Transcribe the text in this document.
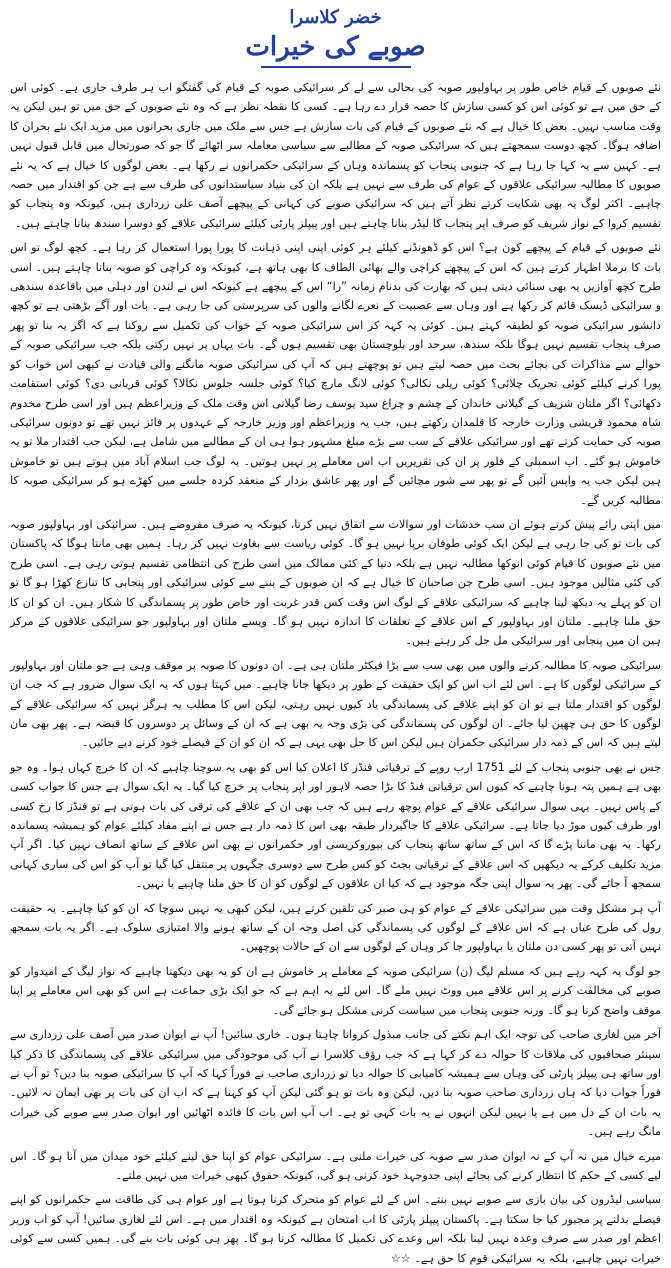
خضر کلاسرا

صوبے کی خیرات

نئے صوبوں کے قیام خاص طور پر بہاولپور صوبہ کی بحالی سے لے کر سرائیکی صوبہ کے قیام کی گفتگو اب ہر طرف جاری ہے۔ کوئی اس کے حق میں ہے تو کوئی اس کو کسی سازش کا حصہ قرار دے رہا ہے۔ کسی کا نقطہ نظر ہے کہ وہ نئے صوبوں کے حق میں تو ہیں لیکن یہ وقت مناسب نہیں۔ بعض کا خیال ہے کہ نئے صوبوں کے قیام کی بات سازش ہے جس سے ملک میں جاری بحرانوں میں مزید ایک نئے بحران کا اضافہ ہوگا۔ کچھ دوست سمجھتے ہیں کہ سرائیکی صوبہ کے مطالبے سے سیاسی معاملہ سر اٹھائے گا جو کہ صورتحال میں قابل قبول نہیں ہے۔ کہیں سے یہ کہا جا رہا ہے کہ جنوبی پنجاب کو پسماندہ وہاں کے سرائیکی حکمرانوں نے رکھا ہے۔ بعض لوگوں کا خیال ہے کہ یہ نئے صوبوں کا مطالبہ سرائیکی علاقوں کے عوام کی طرف سے نہیں ہے بلکہ ان کی بنیاد سیاستدانوں کی طرف سے ہے جن کو اقتدار میں حصہ چاہیے۔ اکثر لوگ یہ بھی شکایت کرتے نظر آتے ہیں کہ سرائیکی صوبے کی کہانی کے پیچھے آصف علی زرداری ہیں، کیونکہ وہ پنجاب کو تقسیم کروا کے نواز شریف کو صرف اپر پنجاب کا لیڈر بنانا چاہتے ہیں اور پیپلز پارٹی کیلئے سرائیکی علاقے کو دوسرا سندھ بنانا چاہتے ہیں۔

نئے صوبوں کے قیام کے پیچھے کون ہے؟ اس کو ڈھونڈنے کیلئے ہر کوئی اپنی اپنی ذہانت کا پورا پورا استعمال کر رہا ہے۔ کچھ لوگ تو اس بات کا برملا اظہار کرتے ہیں کہ اس کے پیچھے کراچی والے بھائی الطاف کا بھی ہاتھ ہے، کیونکہ وہ کراچی کو صوبہ بنانا چاہتے ہیں۔ اسی طرح کچھ آوازیں یہ بھی سنائی دیتی ہیں کہ بھارت کی بدنام زمانہ ”را“ اس کے پیچھے ہے کیونکہ اس نے لندن اور دہلی میں باقاعدہ سندھی و سرائیکی ڈیسک قائم کر رکھا ہے اور وہاں سے عصبیت کے نعرے لگانے والوں کی سرپرستی کی جا رہی ہے۔ بات اور آگے بڑھتی ہے تو کچھ دانشور سرائیکی صوبہ کو لطیفہ کہتے ہیں۔ کوئی یہ کہہ کر اس سرائیکی صوبہ کے خواب کی تکمیل سے روکنا ہے کہ اگر یہ بنا تو پھر صرف پنجاب تقسیم نہیں ہوگا بلکہ سندھ، سرحد اور بلوچستان بھی تقسیم ہوں گے۔ بات یہاں پر نہیں رکتی بلکہ جب سرائیکی صوبہ کے حوالے سے مذاکرات کی بجائے بحث میں حصہ لیتے ہیں تو پوچھتے ہیں کہ آپ کی سرائیکی صوبہ مانگنے والی قیادت نے کبھی اس خواب کو پورا کرنے کیلئے کوئی تحریک چلائی؟ کوئی ریلی نکالی؟ کوئی لانگ مارچ کیا؟ کوئی جلسہ جلوس نکالا؟ کوئی قربانی دی؟ کوئی استقامت دکھائی؟ اگر ملتان شریف کے گیلانی خاندان کے چشم و چراغ سید یوسف رضا گیلانی اس وقت ملک کے وزیراعظم ہیں اور اسی طرح مخدوم شاہ محمود قریشی وزارت خارجہ کا قلمدان رکھتے ہیں، جب یہ وزیراعظم اور وزیر خارجہ کے عہدوں پر فائز نہیں تھے تو دونوں سرائیکی صوبہ کی حمایت کرتے تھے اور سرائیکی علاقے کے سب سے بڑے مبلغ مشہور ہوا ہی ان کے مطالبے میں شامل ہے، لیکن جب اقتدار ملا تو یہ خاموش ہو گئے۔ اب اسمبلی کے فلور پر ان کی تقریریں اب اس معاملے پر نہیں ہوتیں۔ یہ لوگ جب اسلام آباد میں ہوتے ہیں تو خاموش ہیں لیکن جب یہ واپس آئیں گے تو پھر سے شور مچائیں گے اور پھر عاشق بزدار کے منعقد کردہ جلسے میں کھڑے ہو کر سرائیکی صوبہ کا مطالبہ کریں گے۔

میں اپنی رائے پیش کرتے ہوئے ان سب خدشات اور سوالات سے اتفاق نہیں کرتا، کیونکہ یہ صرف مفروضے ہیں۔ سرائیکی اور بہاولپور صوبہ کی بات تو کی جا رہی ہے لیکن ایک کوئی طوفان برپا نہیں ہو گا۔ کوئی ریاست سے بغاوت نہیں کر رہا۔ ہمیں بھی مانتا ہوگا کہ پاکستان میں نئے صوبوں کا قیام کوئی انوکھا مطالبہ نہیں ہے بلکہ دنیا کے کئی ممالک میں اسی طرح کی انتظامی تقسیم ہوتی رہی ہے۔ اسی طرح کی کئی مثالیں موجود ہیں۔ اسی طرح جن صاحبان کا خیال ہے کہ ان صوبوں کے بننے سے کوئی سرائیکی اور پنجابی کا تنازع کھڑا ہو گا تو ان کو پہلے یہ دیکھ لینا چاہیے کہ سرائیکی علاقے کے لوگ اس وقت کس قدر غربت اور خاص طور پر پسماندگی کا شکار ہیں۔ ان کو ان کا حق ملنا چاہیے۔ ملتان اور بہاولپور کے اس علاقے کے تعلقات کا اندازہ نہیں ہو گا۔ ویسے ملتان اور بہاولپور جو سرائیکی علاقوں کے مرکز ہیں ان میں پنجابی اور سرائیکی مل جل کر رہتے ہیں۔

سرائیکی صوبہ کا مطالبہ کرنے والوں میں بھی سب سے بڑا فیکٹر ملتان ہی ہے۔ ان دونوں کا صوبہ پر موقف وہی ہے جو ملتان اور بہاولپور کے سرائیکی لوگوں کا ہے۔ اس لئے اب اس کو ایک حقیقت کے طور پر دیکھا جانا چاہیے۔ میں کہتا ہوں کہ یہ ایک سوال ضرور ہے کہ جب ان لوگوں کو اقتدار ملتا ہے تو ان کو اپنے علاقے کی پسماندگی یاد کیوں نہیں رہتی، لیکن اس کا مطلب یہ ہرگز نہیں کہ سرائیکی علاقے کے لوگوں کا حق ہی چھین لیا جائے۔ ان لوگوں کی پسماندگی کی بڑی وجہ یہ بھی ہے کہ ان کے وسائل پر دوسروں کا قبضہ ہے۔ پھر بھی مان لیتے ہیں کہ اس کے ذمہ دار سرائیکی حکمران ہیں لیکن اس کا حل بھی یہی ہے کہ ان کو ان کے فیصلے خود کرنے دیے جائیں۔

جس نے بھی جنوبی پنجاب کے لئے 1751 ارب روپے کے ترقیاتی فنڈز کا اعلان کیا اس کو بھی یہ سوچنا چاہیے کہ ان کا خرچ کہاں ہوا۔ وہ جو بھی ہے ہمیں پتہ ہونا چاہیے کہ کیوں اس ترقیاتی فنڈ کا بڑا حصہ لاہور اور اپر پنجاب پر خرچ کیا گیا۔ یہ ایک سوال ہے جس کا جواب کسی کے پاس نہیں۔ یہی سوال سرائیکی علاقے کے عوام پوچھ رہے ہیں کہ جب بھی ان کے علاقے کی ترقی کی بات ہوتی ہے تو فنڈز کا رخ کسی اور طرف کیوں موڑ دیا جاتا ہے۔ سرائیکی علاقے کا جاگیردار طبقہ بھی اس کا ذمہ دار ہے جس نے اپنے مفاد کیلئے عوام کو ہمیشہ پسماندہ رکھا۔ یہ بھی ماننا پڑے گا کہ اس کے ساتھ ساتھ پنجاب کی بیوروکریسی اور حکمرانوں نے بھی اس علاقے کے ساتھ انصاف نہیں کیا۔ اگر آپ مزید تکلیف کرکے یہ دیکھیں کہ اس علاقے کے ترقیاتی بجٹ کو کس طرح سے دوسری جگہوں پر منتقل کیا گیا تو آپ کو اس کی ساری کہانی سمجھ آ جائے گی۔ پھر یہ سوال اپنی جگہ موجود ہے کہ کیا ان علاقوں کے لوگوں کو ان کا حق ملنا چاہیے یا نہیں۔

آپ ہر مشکل وقت میں سرائیکی علاقے کے عوام کو ہی صبر کی تلقین کرتے ہیں، لیکن کبھی یہ نہیں سوچا کہ ان کو کیا چاہیے۔ یہ حقیقت رول کی طرح عیاں ہے کہ اس علاقے کے لوگوں کی پسماندگی کی اصل وجہ ان کے ساتھ ہونے والا امتیازی سلوک ہے۔ اگر یہ بات سمجھ نہیں آتی تو پھر کسی دن ملتان یا بہاولپور جا کر وہاں کے لوگوں سے ان کے حالات پوچھیں۔

جو لوگ یہ کہہ رہے ہیں کہ مسلم لیگ (ن) سرائیکی صوبہ کے معاملے پر خاموش ہے ان کو یہ بھی دیکھنا چاہیے کہ نواز لیگ کے امیدوار کو صوبے کی مخالفت کرنے پر اس علاقے میں ووٹ نہیں ملے گا۔ اس لئے یہ اہم ہے کہ جو ایک بڑی جماعت ہے اس کو بھی اس معاملے پر اپنا موقف واضح کرنا ہو گا۔ ورنہ جنوبی پنجاب میں سیاست کرنی مشکل ہو جائے گی۔

آخر میں لغاری صاحب کی توجہ ایک اہم نکتے کی جانب مبذول کروانا چاہتا ہوں۔ خاری سائیں! آپ نے ایوان صدر میں آصف علی زرداری سے سینئر صحافیوں کی ملاقات کا حوالہ دے کر کہا ہے کہ جب رؤف کلاسرا نے آپ کی موجودگی میں سرائیکی علاقے کی پسماندگی کا ذکر کیا اور ساتھ ہی پیپلز پارٹی کی وہاں سے ہمیشہ کامیابی کا حوالہ دیا تو زرداری صاحب نے فوراً کہا کہ آپ کا سرائیکی صوبہ بنا دیں؟ تو آپ نے فوراً جواب دیا کہ ہاں زرداری صاحب صوبہ بنا دیں، لیکن وہ بات تو ہو گئی لیکن آپ کو کہنا ہے کہ اب ان کی بات پر بھی ایمان نہ لائیں۔ یہ بات ان کے دل میں ہے یا نہیں لیکن انہوں نے یہ بات کہی تو ہے۔ اب آپ اس بات کا فائدہ اٹھائیں اور ایوان صدر سے صوبے کی خیرات مانگ رہے ہیں۔

میرے خیال میں نہ آپ کے نہ ایوان صدر سے صوبہ کی خیرات ملنی ہے۔ سرائیکی عوام کو اپنا حق لینے کیلئے خود میدان میں آنا ہو گا۔ اس لیے کسی کے حکم کا انتظار کرنے کی بجائے اپنی جدوجہد خود کرنی ہو گی، کیونکہ حقوق کبھی خیرات میں نہیں ملتے۔

سیاسی لیڈروں کی بیان بازی سے صوبے نہیں بنتے۔ اس کے لئے عوام کو متحرک کرنا ہوتا ہے اور عوام ہی کی طاقت سے حکمرانوں کو اپنے فیصلے بدلنے پر مجبور کیا جا سکتا ہے۔ پاکستان پیپلز پارٹی کا اب امتحان ہے کیونکہ وہ اقتدار میں ہے۔ اس لئے لغاری سائیں! آپ کو اب وزیر اعظم اور صدر سے صرف وعدہ نہیں لینا بلکہ اس وعدے کی تکمیل کا مطالبہ کرنا ہو گا۔ پھر ہی کوئی بات بنے گی۔ ہمیں کسی سے کوئی خیرات نہیں چاہیے، بلکہ یہ سرائیکی قوم کا حق ہے۔ ☆☆
